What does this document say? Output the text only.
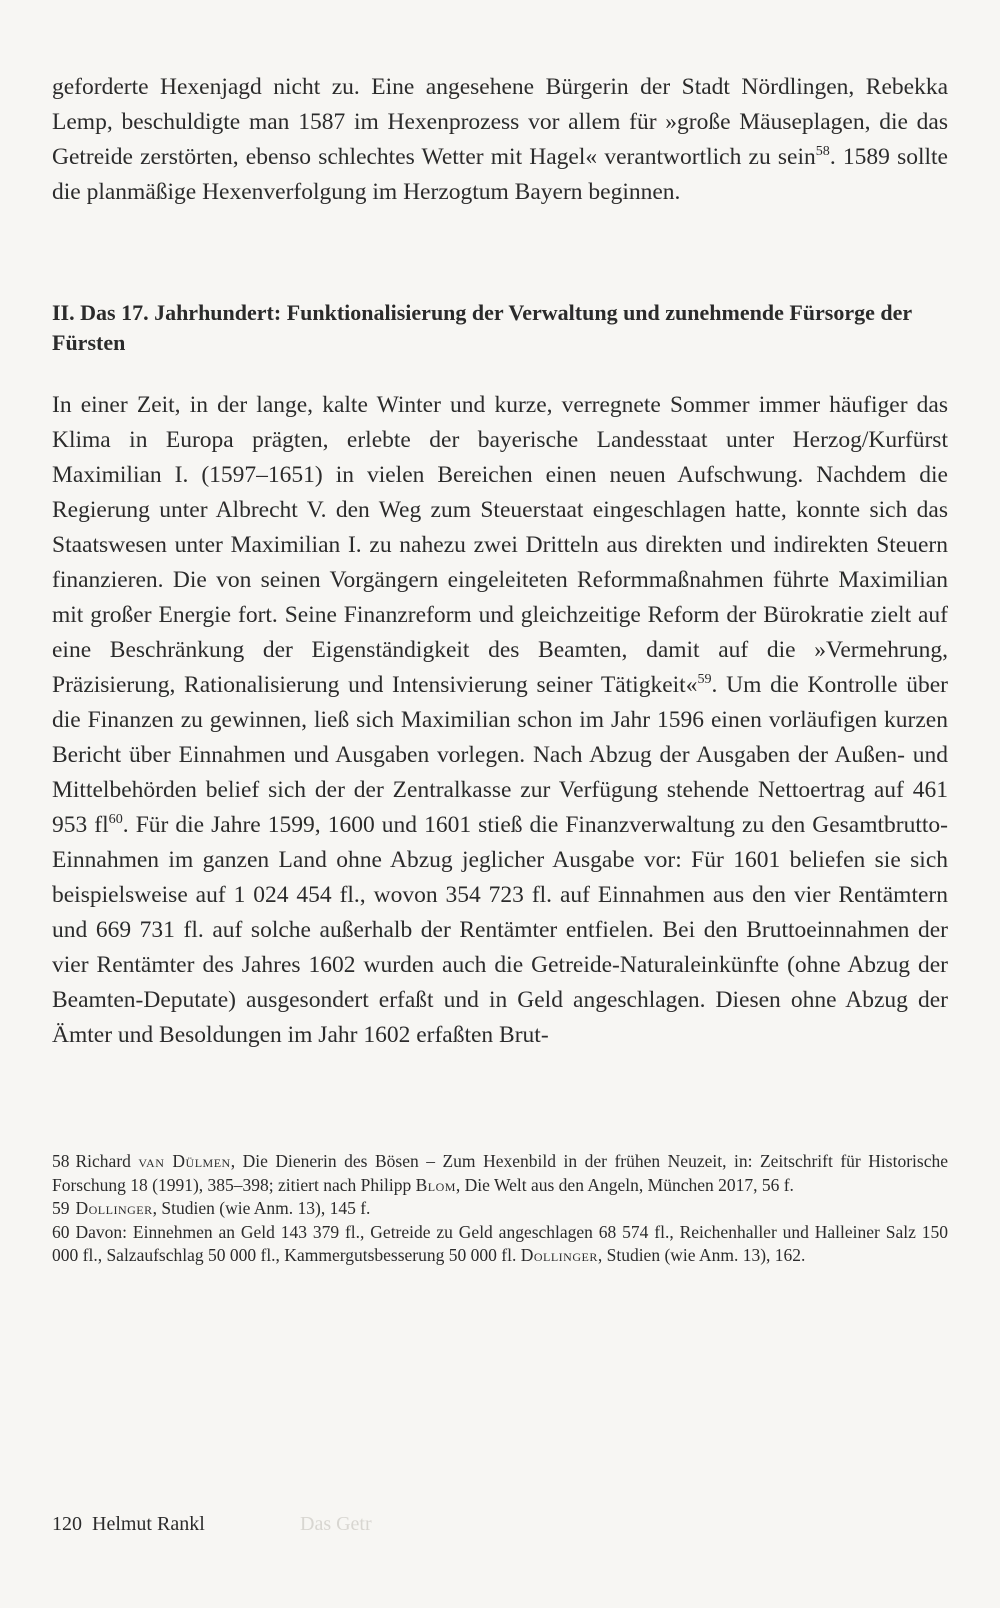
geforderte Hexenjagd nicht zu. Eine angesehene Bürgerin der Stadt Nördlingen, Rebekka Lemp, beschuldigte man 1587 im Hexenprozess vor allem für »große Mäuseplagen, die das Getreide zerstörten, ebenso schlechtes Wetter mit Hagel« verantwortlich zu sein$^{58}$. 1589 sollte die planmäßige Hexenverfolgung im Herzogtum Bayern beginnen.

II. Das 17. Jahrhundert: Funktionalisierung der Verwaltung und zunehmende Fürsorge der Fürsten

In einer Zeit, in der lange, kalte Winter und kurze, verregnete Sommer immer häufiger das Klima in Europa prägten, erlebte der bayerische Landesstaat unter Herzog/Kurfürst Maximilian I. (1597–1651) in vielen Bereichen einen neuen Aufschwung. Nachdem die Regierung unter Albrecht V. den Weg zum Steuerstaat eingeschlagen hatte, konnte sich das Staatswesen unter Maximilian I. zu nahezu zwei Dritteln aus direkten und indirekten Steuern finanzieren. Die von seinen Vorgängern eingeleiteten Reformmaßnahmen führte Maximilian mit großer Energie fort. Seine Finanzreform und gleichzeitige Reform der Bürokratie zielt auf eine Beschränkung der Eigenständigkeit des Beamten, damit auf die »Vermehrung, Präzisierung, Rationalisierung und Intensivierung seiner Tätigkeit«$^{59}$. Um die Kontrolle über die Finanzen zu gewinnen, ließ sich Maximilian schon im Jahr 1596 einen vorläufigen kurzen Bericht über Einnahmen und Ausgaben vorlegen. Nach Abzug der Ausgaben der Außen- und Mittelbehörden belief sich der der Zentralkasse zur Verfügung stehende Nettoertrag auf 461 953 $fl^{60}$. Für die Jahre 1599, 1600 und 1601 stieß die Finanzverwaltung zu den Gesamtbrutto-Einnahmen im ganzen Land ohne Abzug jeglicher Ausgabe vor: Für 1601 beliefen sie sich beispielsweise auf 1 024 454 fl., wovon 354 723 fl. auf Einnahmen aus den vier Rentämtern und 669 731 fl. auf solche außerhalb der Rentämter entfielen. Bei den Bruttoeinnahmen der vier Rentämter des Jahres 1602 wurden auch die Getreide-Naturaleinkünfte (ohne Abzug der Beamten-Deputate) ausgesondert erfaßt und in Geld angeschlagen. Diesen ohne Abzug der Ämter und Besoldungen im Jahr 1602 erfaßten Brut-

58 Richard van Dülmen, Die Dienerin des Bösen – Zum Hexenbild in der frühen Neuzeit, in: Zeitschrift für Historische Forschung 18 (1991), 385–398; zitiert nach Philipp Blom, Die Welt aus den Angeln, München 2017, 56 f.
59 Dollinger, Studien (wie Anm. 13), 145 f.
60 Davon: Einnehmen an Geld 143 379 fl., Getreide zu Geld angeschlagen 68 574 fl., Reichenhaller und Halleiner Salz 150 000 fl., Salzaufschlag 50 000 fl., Kammergutsbesserung 50 000 fl. Dollinger, Studien (wie Anm. 13), 162.
120 Helmut Rankl	Das Getr
